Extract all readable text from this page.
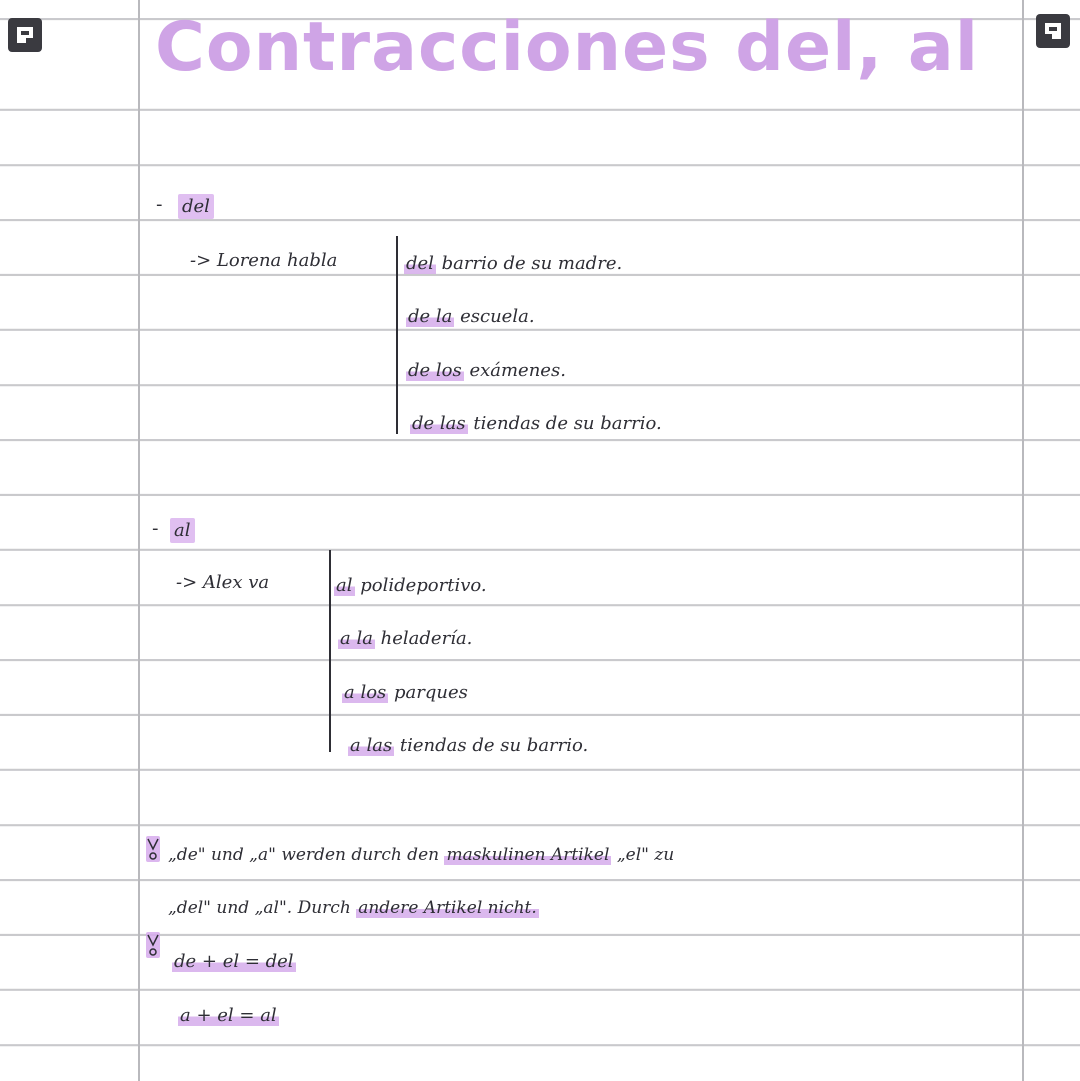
Contracciones del, al
- del
-> Lorena habla	del barrio de su madre.
de la escuela.
de los exámenes.
de las tiendas de su barrio.
- al
-> Alex va	al polideportivo.
a la heladería.
a los parques
a las tiendas de su barrio.
„de" und „a" werden durch den maskulinen Artikel „el" zu
„del" und „al". Durch andere Artikel nicht.
de + el = del
a + el = al
